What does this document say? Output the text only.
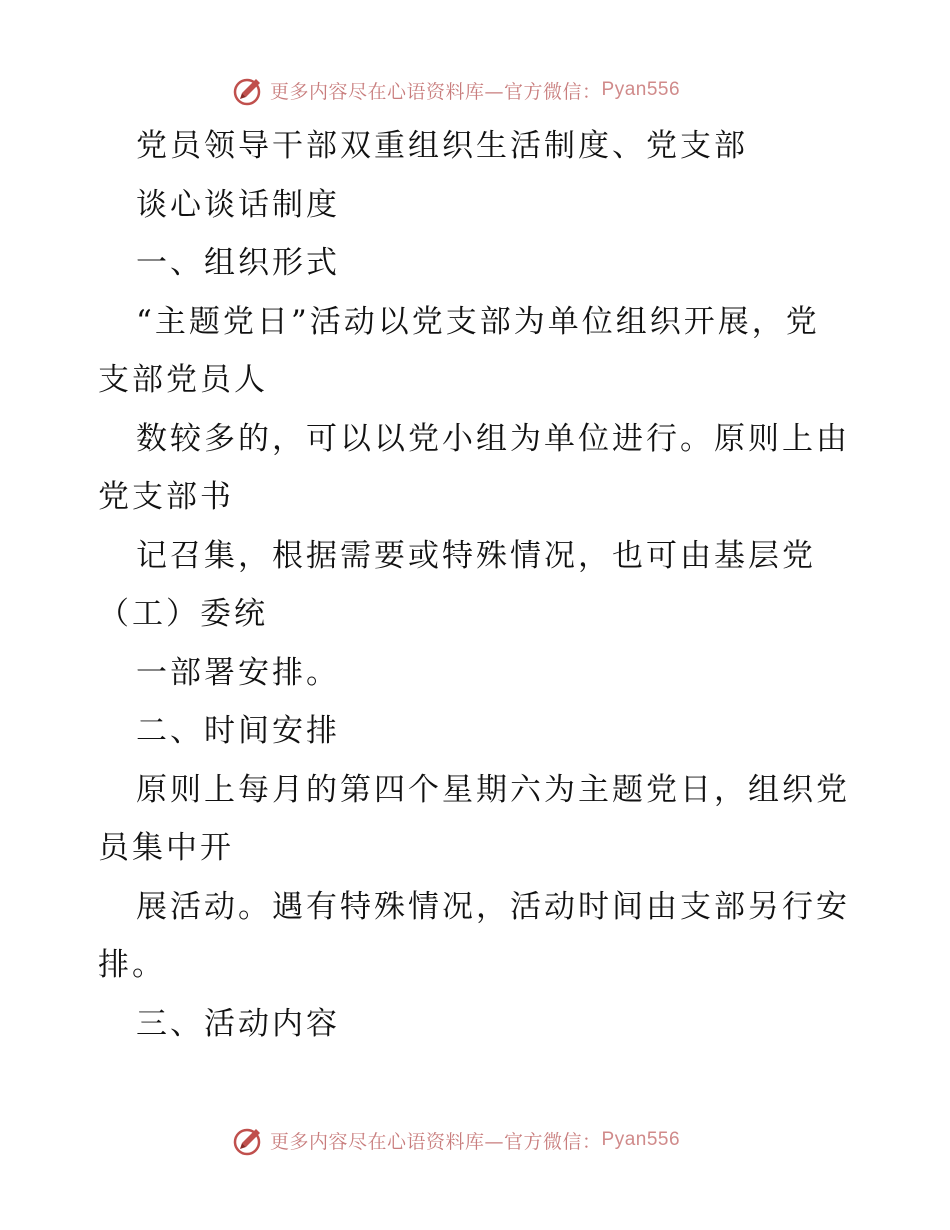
更多内容尽在心语资料库—官方微信： Pyan556
党员领导干部双重组织生活制度、党支部
谈心谈话制度
一、组织形式
“主题党日”活动以党支部为单位组织开展，党
支部党员人
数较多的，可以以党小组为单位进行。原则上由
党支部书
记召集，根据需要或特殊情况，也可由基层党
（工）委统
一部署安排。
二、时间安排
原则上每月的第四个星期六为主题党日，组织党
员集中开
展活动。遇有特殊情况，活动时间由支部另行安
排。
三、活动内容
更多内容尽在心语资料库—官方微信： Pyan556
